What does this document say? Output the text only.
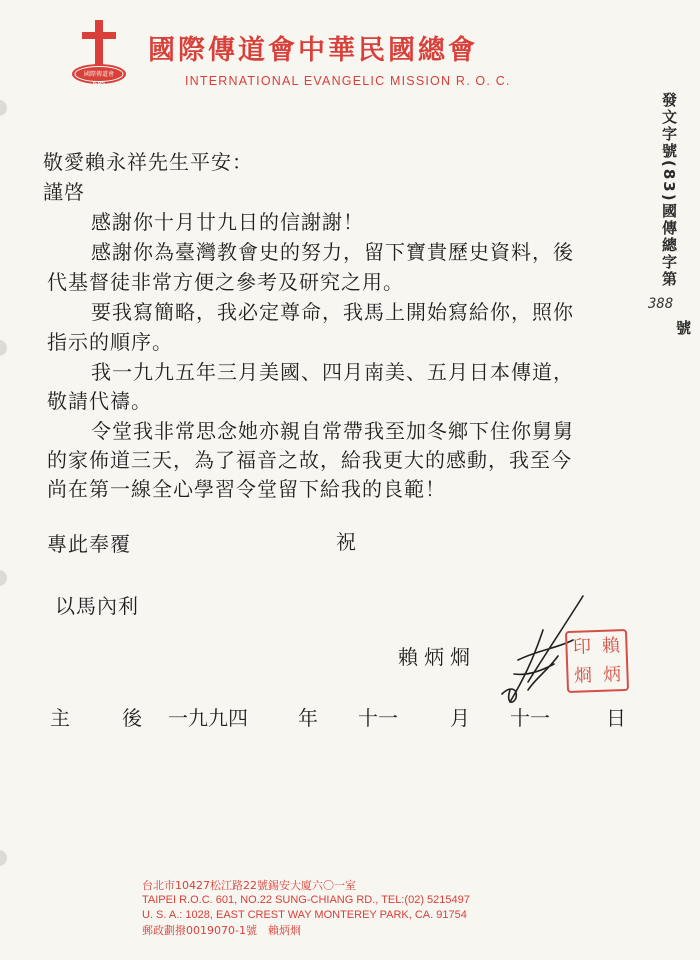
國際傳道會
IEMS
國際傳道會中華民國總會
INTERNATIONAL EVANGELIC MISSION R. O. C.
發文字號(83)國傳總字第
388
號
敬愛賴永祥先生平安：
謹啓
感謝你十月廿九日的信謝謝！
感謝你為臺灣教會史的努力，留下寶貴歷史資料，後
代基督徒非常方便之參考及研究之用。
要我寫簡略，我必定尊命，我馬上開始寫給你，照你
指示的順序。
我一九九五年三月美國、四月南美、五月日本傳道，
敬請代禱。
令堂我非常思念她亦親自常帶我至加冬鄉下住你舅舅
的家佈道三天，為了福音之故，給我更大的感動，我至今
尚在第一線全心學習令堂留下給我的良範！
專此奉覆	祝
以馬內利
賴炳烱	印 賴
烱 炳
主	後 一九九四	年 十一	月 十一	日
台北市10427松江路22號錫安大廈六〇一室
TAIPEI R.O.C. 601, NO.22 SUNG-CHIANG RD., TEL:(02) 5215497
U. S. A.: 1028, EAST CREST WAY MONTEREY PARK, CA. 91754
郵政劃撥0019070-1號　賴炳烱
